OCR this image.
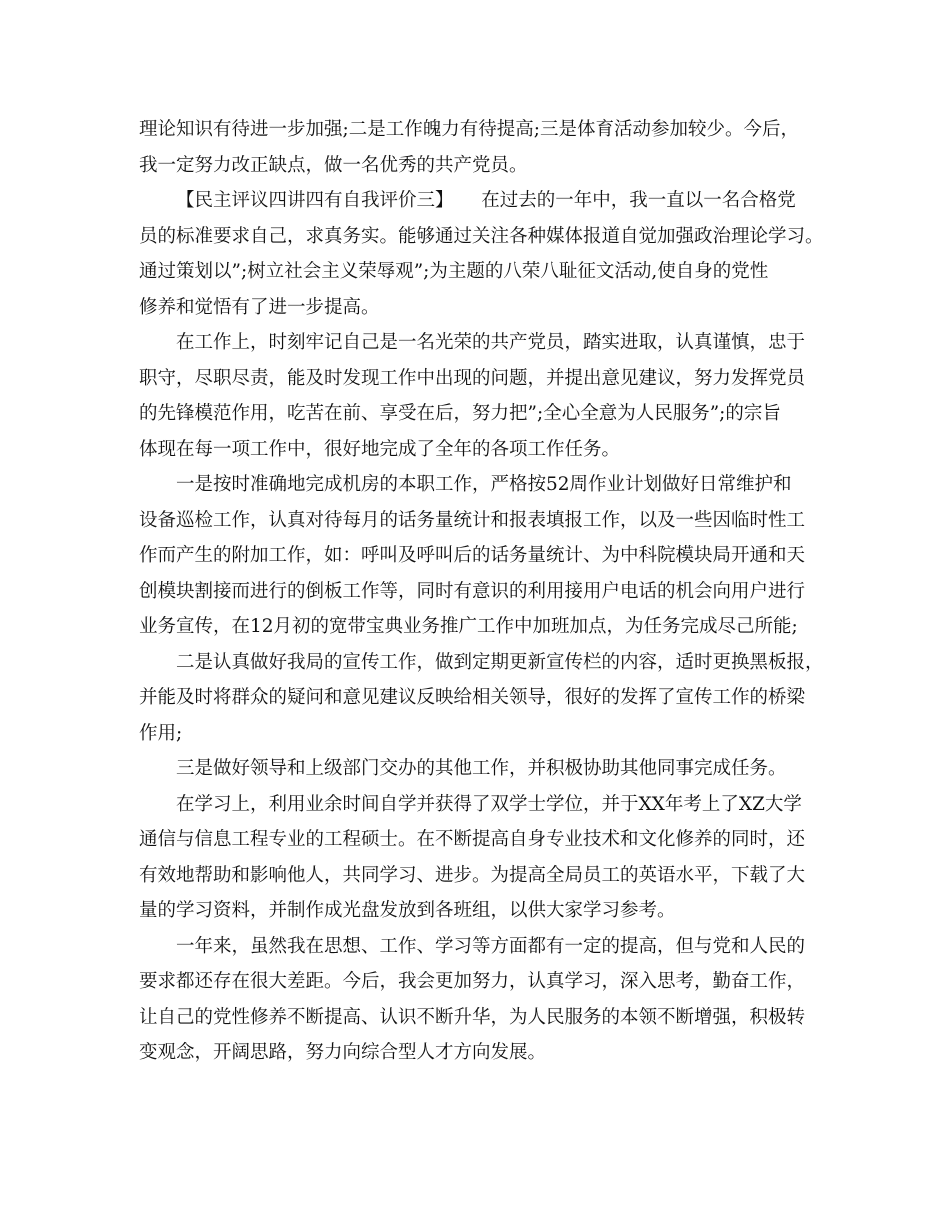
理论知识有待进一步加强;二是工作魄力有待提高;三是体育活动参加较少。今后，
我一定努力改正缺点，做一名优秀的共产党员。
【民主评议四讲四有自我评价三】　　在过去的一年中，我一直以一名合格党
员的标准要求自己，求真务实。能够通过关注各种媒体报道自觉加强政治理论学习。
通过策划以”;树立社会主义荣辱观”;为主题的八荣八耻征文活动,使自身的党性
修养和觉悟有了进一步提高。
在工作上，时刻牢记自己是一名光荣的共产党员，踏实进取，认真谨慎，忠于
职守，尽职尽责，能及时发现工作中出现的问题，并提出意见建议，努力发挥党员
的先锋模范作用，吃苦在前、享受在后，努力把”;全心全意为人民服务”;的宗旨
体现在每一项工作中，很好地完成了全年的各项工作任务。
一是按时准确地完成机房的本职工作，严格按52周作业计划做好日常维护和
设备巡检工作，认真对待每月的话务量统计和报表填报工作，以及一些因临时性工
作而产生的附加工作，如：呼叫及呼叫后的话务量统计、为中科院模块局开通和天
创模块割接而进行的倒板工作等，同时有意识的利用接用户电话的机会向用户进行
业务宣传，在12月初的宽带宝典业务推广工作中加班加点，为任务完成尽己所能;
二是认真做好我局的宣传工作，做到定期更新宣传栏的内容，适时更换黑板报，
并能及时将群众的疑问和意见建议反映给相关领导，很好的发挥了宣传工作的桥梁
作用;
三是做好领导和上级部门交办的其他工作，并积极协助其他同事完成任务。
在学习上，利用业余时间自学并获得了双学士学位，并于XX年考上了XZ大学
通信与信息工程专业的工程硕士。在不断提高自身专业技术和文化修养的同时，还
有效地帮助和影响他人，共同学习、进步。为提高全局员工的英语水平，下载了大
量的学习资料，并制作成光盘发放到各班组，以供大家学习参考。
一年来，虽然我在思想、工作、学习等方面都有一定的提高，但与党和人民的
要求都还存在很大差距。今后，我会更加努力，认真学习，深入思考，勤奋工作，
让自己的党性修养不断提高、认识不断升华，为人民服务的本领不断增强，积极转
变观念，开阔思路，努力向综合型人才方向发展。
